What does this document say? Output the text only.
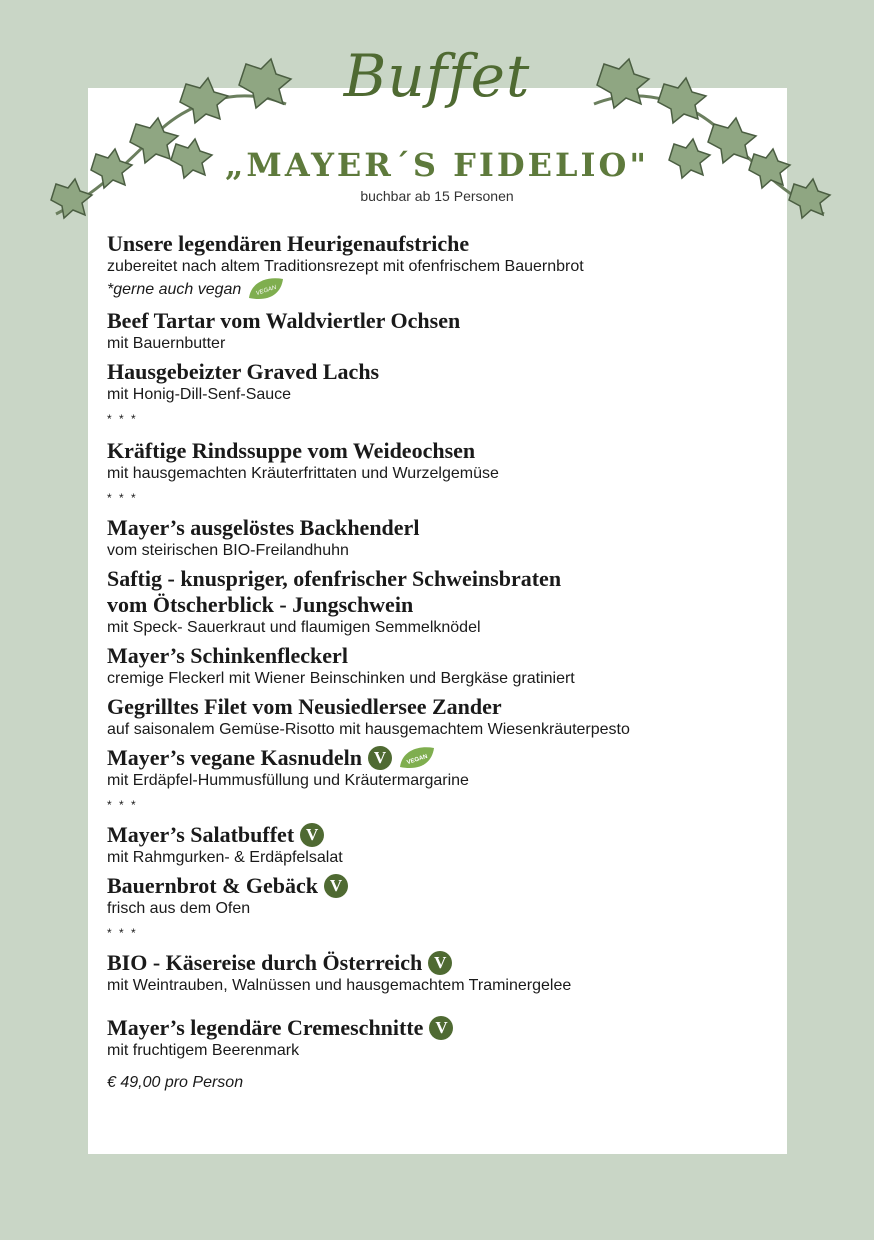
Buffet
„MAYER´S FIDELIO"
buchbar ab 15 Personen
Unsere legendären Heurigenaufstriche
zubereitet nach altem Traditionsrezept mit ofenfrischem Bauernbrot
*gerne auch vegan VEGAN
Beef Tartar vom Waldviertler Ochsen
mit Bauernbutter
Hausgebeizter Graved Lachs
mit Honig-Dill-Senf-Sauce
* * *
Kräftige Rindssuppe vom Weideochsen
mit hausgemachten Kräuterfrittaten und Wurzelgemüse
* * *
Mayer’s ausgelöstes Backhenderl
vom steirischen BIO-Freilandhuhn
Saftig - knuspriger, ofenfrischer Schweinsbraten
vom Ötscherblick - Jungschwein
mit Speck- Sauerkraut und flaumigen Semmelknödel
Mayer’s Schinkenfleckerl
cremige Fleckerl mit Wiener Beinschinken und Bergkäse gratiniert
Gegrilltes Filet vom Neusiedlersee Zander
auf saisonalem Gemüse-Risotto mit hausgemachtem Wiesenkräuterpesto
Mayer’s vegane Kasnudeln V	VEGAN
mit Erdäpfel-Hummusfüllung und Kräutermargarine
* * *
Mayer’s Salatbuffet V
mit Rahmgurken- & Erdäpfelsalat
Bauernbrot & Gebäck V
frisch aus dem Ofen
* * *
BIO - Käsereise durch Österreich V
mit Weintrauben, Walnüssen und hausgemachtem Traminergelee
Mayer’s legendäre Cremeschnitte V
mit fruchtigem Beerenmark
€ 49,00 pro Person
